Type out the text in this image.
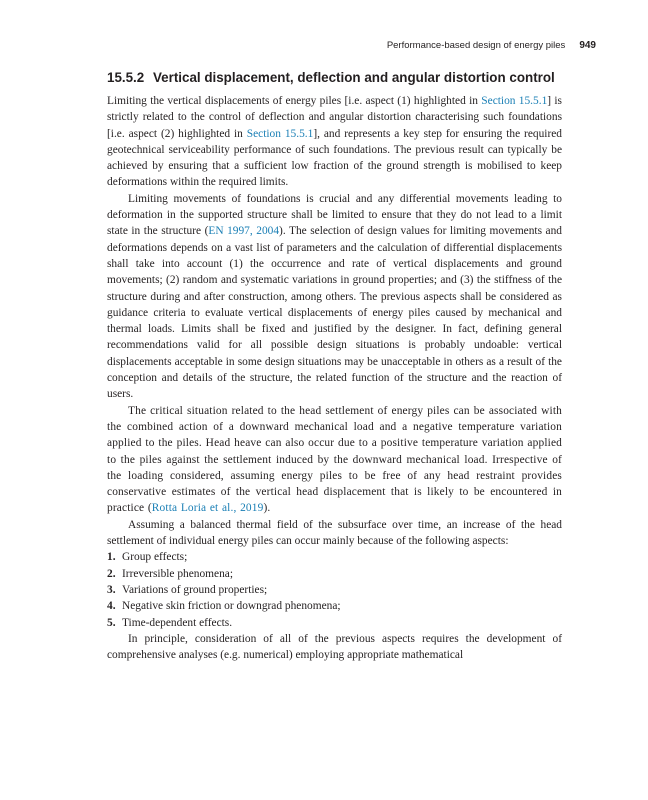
Performance-based design of energy piles 949
15.5.2 Vertical displacement, deflection and angular distortion control

Limiting the vertical displacements of energy piles [i.e. aspect (1) highlighted in Section 15.5.1] is strictly related to the control of deflection and angular distortion characterising such foundations [i.e. aspect (2) highlighted in Section 15.5.1], and represents a key step for ensuring the required geotechnical serviceability performance of such foundations. The previous result can typically be achieved by ensuring that a sufficient low fraction of the ground strength is mobilised to keep deformations within the required limits.

Limiting movements of foundations is crucial and any differential movements leading to deformation in the supported structure shall be limited to ensure that they do not lead to a limit state in the structure (EN 1997, 2004). The selection of design values for limiting movements and deformations depends on a vast list of parameters and the calculation of differential displacements shall take into account (1) the occurrence and rate of vertical displacements and ground movements; (2) random and systematic variations in ground properties; and (3) the stiffness of the structure during and after construction, among others. The previous aspects shall be considered as guidance criteria to evaluate vertical displacements of energy piles caused by mechanical and thermal loads. Limits shall be fixed and justified by the designer. In fact, defining general recommendations valid for all possible design situations is probably undoable: vertical displacements acceptable in some design situations may be unacceptable in others as a result of the conception and details of the structure, the related function of the structure and the reaction of users.

The critical situation related to the head settlement of energy piles can be associated with the combined action of a downward mechanical load and a negative temperature variation applied to the piles. Head heave can also occur due to a positive temperature variation applied to the piles against the settlement induced by the downward mechanical load. Irrespective of the loading considered, assuming energy piles to be free of any head restraint provides conservative estimates of the vertical head displacement that is likely to be encountered in practice (Rotta Loria et al., 2019).

Assuming a balanced thermal field of the subsurface over time, an increase of the head settlement of individual energy piles can occur mainly because of the following aspects:

1. Group effects;
2. Irreversible phenomena;
3. Variations of ground properties;
4. Negative skin friction or downgrad phenomena;
5. Time-dependent effects.

In principle, consideration of all of the previous aspects requires the development of comprehensive analyses (e.g. numerical) employing appropriate mathematical
